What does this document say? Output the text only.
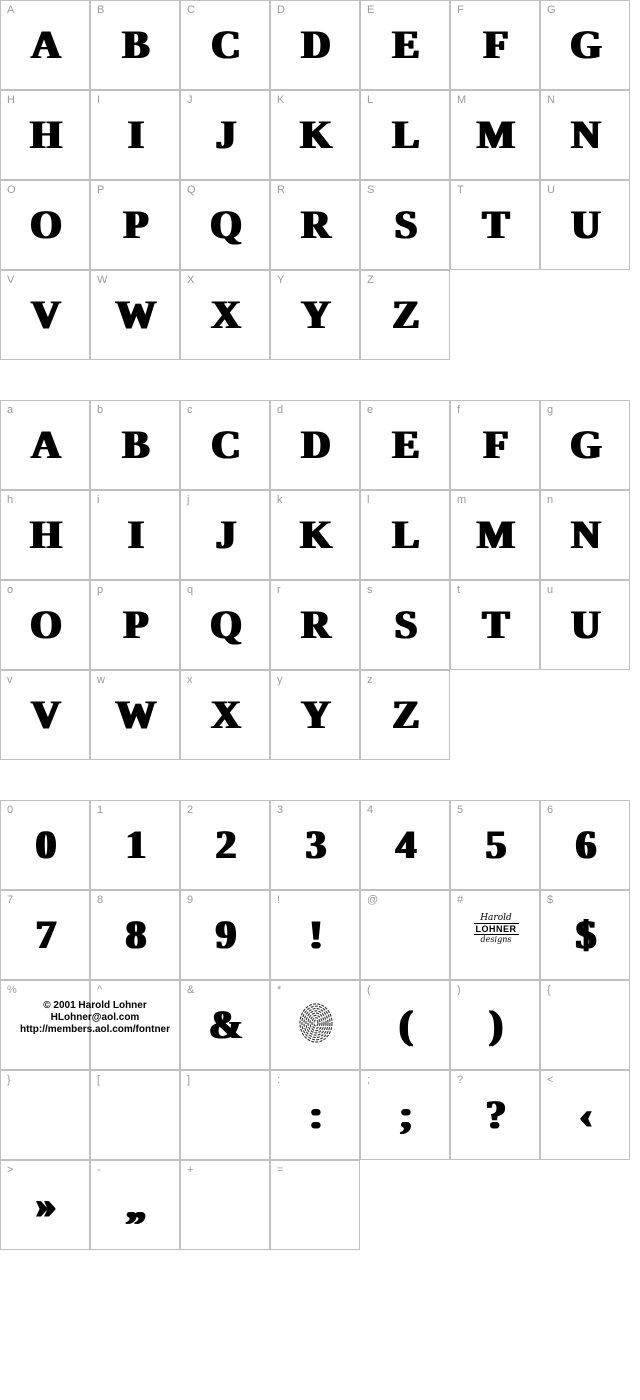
A
A
B
B
C
C
D
D
E
E
F
F
G
G
H
H
I
I
J
J
K
K
L
L
M
M
N
N
O
O
P
P
Q
Q
R
R
S
S
T
T
U
U
V
V
W
W
X
X
Y
Y
Z
Z
a
A
b
B
c
C
d
D
e
E
f
F
g
G
h
H
i
I
j
J
k
K
l
L
m
M
n
N
o
O
p
P
q
Q
r
R
s
S
t
T
u
U
v
V
w
W
x
X
y
Y
z
Z
0
0
1
1
2
2
3
3
4
4
5
5
6
6
7
7
8
8
9
9
!
!
@	#
Harold
LOHNER
designs
$
$
%	^	&
&
*	(
(
)
)
{
}	[	]	:
:
;
;
?
?
<
‹
>
»
-
„
+	=
© 2001 Harold Lohner
HLohner@aol.com
http://members.aol.com/fontner
